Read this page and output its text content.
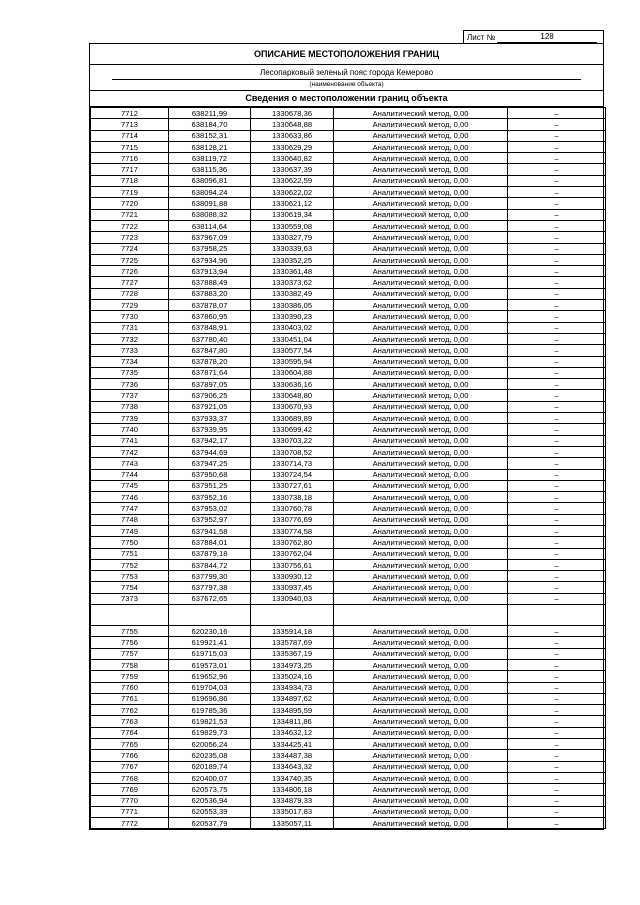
Лист №	128
ОПИСАНИЕ МЕСТОПОЛОЖЕНИЯ ГРАНИЦ
Лесопарковый зеленый пояс города Кемерово
(наименование объекта)
Сведения о местоположении границ объекта
7712	638211,99	1330678,36	Аналитический метод, 0,00	–
7713	638184,70	1330648,88	Аналитический метод, 0,00	–
7714	638152,31	1330633,86	Аналитический метод, 0,00	–
7715	638128,21	1330629,29	Аналитический метод, 0,00	–
7716	638119,72	1330640,82	Аналитический метод, 0,00	–
7717	638115,36	1330637,39	Аналитический метод, 0,00	–
7718	638096,81	1330622,59	Аналитический метод, 0,00	–
7719	638094,24	1330622,02	Аналитический метод, 0,00	–
7720	638091,88	1330621,12	Аналитический метод, 0,00	–
7721	638088,32	1330619,34	Аналитический метод, 0,00	–
7722	638114,64	1330559,08	Аналитический метод, 0,00	–
7723	637967,09	1330327,79	Аналитический метод, 0,00	–
7724	637958,25	1330339,63	Аналитический метод, 0,00	–
7725	637934,96	1330352,25	Аналитический метод, 0,00	–
7726	637913,94	1330361,48	Аналитический метод, 0,00	–
7727	637888,49	1330373,62	Аналитический метод, 0,00	–
7728	637883,20	1330382,49	Аналитический метод, 0,00	–
7729	637878,07	1330386,05	Аналитический метод, 0,00	–
7730	637860,95	1330390,23	Аналитический метод, 0,00	–
7731	637848,91	1330403,02	Аналитический метод, 0,00	–
7732	637780,40	1330451,04	Аналитический метод, 0,00	–
7733	637847,80	1330577,54	Аналитический метод, 0,00	–
7734	637878,20	1330595,94	Аналитический метод, 0,00	–
7735	637871,64	1330604,88	Аналитический метод, 0,00	–
7736	637897,05	1330636,16	Аналитический метод, 0,00	–
7737	637906,25	1330648,80	Аналитический метод, 0,00	–
7738	637921,05	1330670,93	Аналитический метод, 0,00	–
7739	637933,37	1330689,89	Аналитический метод, 0,00	–
7740	637939,95	1330699,42	Аналитический метод, 0,00	–
7741	637942,17	1330703,22	Аналитический метод, 0,00	–
7742	637944,69	1330708,52	Аналитический метод, 0,00	–
7743	637947,25	1330714,73	Аналитический метод, 0,00	–
7744	637950,68	1330724,54	Аналитический метод, 0,00	–
7745	637951,25	1330727,61	Аналитический метод, 0,00	–
7746	637952,16	1330738,18	Аналитический метод, 0,00	–
7747	637953,02	1330760,78	Аналитический метод, 0,00	–
7748	637952,97	1330776,69	Аналитический метод, 0,00	–
7749	637941,58	1330774,58	Аналитический метод, 0,00	–
7750	637884,01	1330762,80	Аналитический метод, 0,00	–
7751	637879,18	1330762,04	Аналитический метод, 0,00	–
7752	637844,72	1330756,61	Аналитический метод, 0,00	–
7753	637799,30	1330930,12	Аналитический метод, 0,00	–
7754	637797,38	1330937,45	Аналитический метод, 0,00	–
7373	637672,65	1330940,03	Аналитический метод, 0,00	–

7755	620230,16	1335914,18	Аналитический метод, 0,00	–
7756	619921,41	1335787,69	Аналитический метод, 0,00	–
7757	619715,03	1335367,19	Аналитический метод, 0,00	–
7758	619573,01	1334973,25	Аналитический метод, 0,00	–
7759	619652,96	1335024,16	Аналитический метод, 0,00	–
7760	619704,03	1334934,73	Аналитический метод, 0,00	–
7761	619696,86	1334897,62	Аналитический метод, 0,00	–
7762	619785,36	1334895,59	Аналитический метод, 0,00	–
7763	619821,53	1334811,86	Аналитический метод, 0,00	–
7764	619829,73	1334632,12	Аналитический метод, 0,00	–
7765	620056,24	1334425,41	Аналитический метод, 0,00	–
7766	620235,08	1334487,38	Аналитический метод, 0,00	–
7767	620189,74	1334643,32	Аналитический метод, 0,00	–
7768	620400,07	1334740,35	Аналитический метод, 0,00	–
7769	620573,75	1334806,18	Аналитический метод, 0,00	–
7770	620536,94	1334879,33	Аналитический метод, 0,00	–
7771	620553,39	1335017,83	Аналитический метод, 0,00	–
7772	620537,79	1335057,11	Аналитический метод, 0,00	–
